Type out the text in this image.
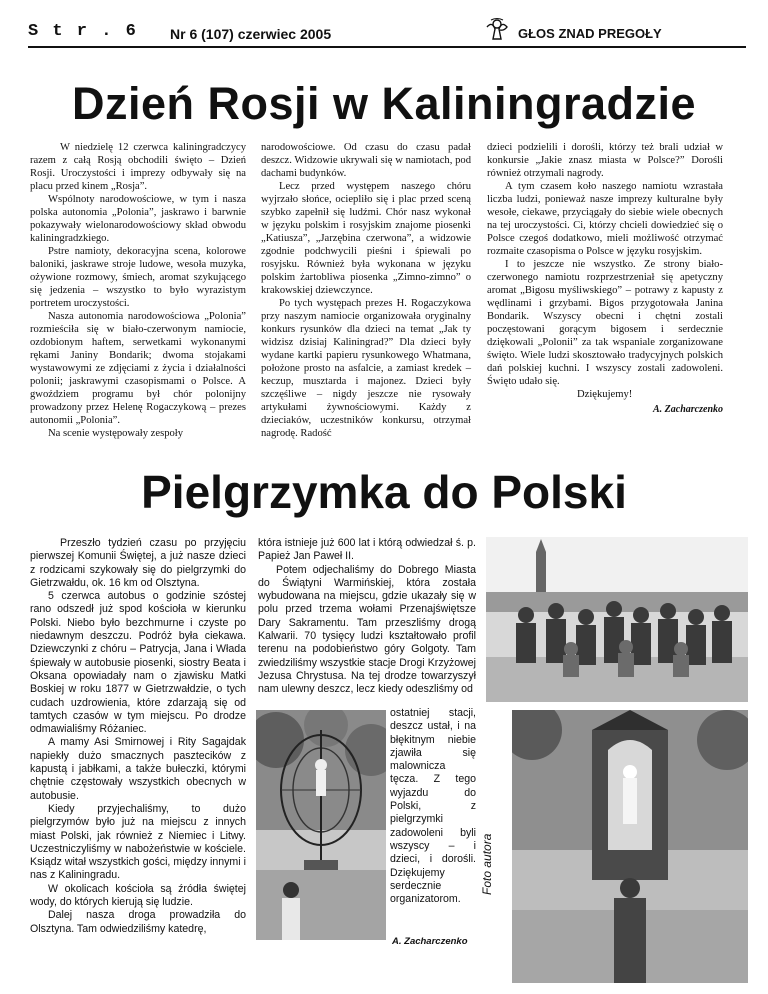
S t r . 6 Nr 6 (107) czerwiec 2005	GŁOS ZNAD PREGOŁY
Dzień Rosji w Kaliningradzie

W niedzielę 12 czerwca kaliningradczycy razem z całą Rosją obchodili święto – Dzień Rosji. Uroczystości i imprezy odbywały się na placu przed kinem „Rosja”.

Wspólnoty narodowościowe, w tym i nasza polska autonomia „Polonia”, jaskrawo i barwnie pokazywały wielonarodowościowy skład obwodu kaliningradzkiego.

Pstre namioty, dekoracyjna scena, kolorowe baloniki, jaskrawe stroje ludowe, wesoła muzyka, ożywione rozmowy, śmiech, aromat szykującego się jedzenia – wszystko to było wyrazistym portretem uroczystości.

Nasza autonomia narodowościowa „Polonia” rozmieściła się w biało-czerwonym namiocie, ozdobionym haftem, serwetkami wykonanymi rękami Janiny Bondarik; dwoma stojakami wystawowymi ze zdjęciami z życia i działalności polonii; jaskrawymi czasopismami o Polsce. A gwoździem programu był chór polonijny prowadzony przez Helenę Rogaczykową – prezes autonomii „Polonia”.

Na scenie występowały zespoły

narodowościowe. Od czasu do czasu padał deszcz. Widzowie ukrywali się w namiotach, pod dachami budynków.

Lecz przed występem naszego chóru wyjrzało słońce, ociepliło się i plac przed sceną szybko zapełnił się ludźmi. Chór nasz wykonał w języku polskim i rosyjskim znajome piosenki „Katiusza”, „Jarzębina czerwona”, a widzowie zgodnie podchwycili pieśni i śpiewali po rosyjsku. Również była wykonana w języku polskim żartobliwa piosenka „Zimno-zimno” o krakowskiej dziewczynce.

Po tych występach prezes H. Rogaczykowa przy naszym namiocie organizowała oryginalny konkurs rysunków dla dzieci na temat „Jak ty widzisz dzisiaj Kaliningrad?” Dla dzieci były wydane kartki papieru rysunkowego Whatmana, położone prosto na asfalcie, a zamiast kredek – keczup, musztarda i majonez. Dzieci były szczęśliwe – nigdy jeszcze nie rysowały artykułami żywnościowymi. Każdy z dzieciaków, uczestników konkursu, otrzymał nagrodę. Radość

dzieci podzielili i dorośli, którzy też brali udział w konkursie „Jakie znasz miasta w Polsce?” Dorośli również otrzymali nagrody.

A tym czasem koło naszego namiotu wzrastała liczba ludzi, ponieważ nasze imprezy kulturalne były wesołe, ciekawe, przyciągały do siebie wiele obecnych na tej uroczystości. Ci, którzy chcieli dowiedzieć się o Polsce czegoś dodatkowo, mieli możliwość otrzymać rozmaite czasopisma o Polsce w języku rosyjskim.

I to jeszcze nie wszystko. Ze strony biało-czerwonego namiotu rozprzestrzeniał się apetyczny aromat „Bigosu myśliwskiego” – potrawy z kapusty z wędlinami i grzybami. Bigos przygotowała Janina Bondarik. Wszyscy obecni i chętni zostali poczęstowani gorącym bigosem i serdecznie dziękowali „Polonii” za tak wspaniale zorganizowane święto. Wiele ludzi skosztowało tradycyjnych polskich dań polskiej kuchni. I wszyscy zostali zadowoleni. Święto udało się.

Dziękujemy!

A. Zacharczenko
Pielgrzymka do Polski

Przeszło tydzień czasu po przyjęciu pierwszej Komunii Świętej, a już nasze dzieci z rodzicami szykowały się do pielgrzymki do Gietrzwałdu, ok. 16 km od Olsztyna.

5 czerwca autobus o godzinie szóstej rano odszedł już spod kościoła w kierunku Polski. Niebo było bezchmurne i czyste po niedawnym deszczu. Podróż była ciekawa. Dziewczynki z chóru – Patrycja, Jana i Włada śpiewały w autobusie piosenki, siostry Beata i Oksana opowiadały nam o zjawisku Matki Boskiej w roku 1877 w Gietrzwałdzie, o tych cudach uzdrowienia, które zdarzają się od tamtych czasów w tym miejscu. Po drodze odmawialiśmy Różaniec.

A mamy Asi Smirnowej i Rity Sagajdak napiekły dużo smacznych pasztecików z kapustą i jabłkami, a także bułeczki, którymi chętnie częstowały wszystkich obecnych w autobusie.

Kiedy przyjechaliśmy, to dużo pielgrzymów było już na miejscu z innych miast Polski, jak również z Niemiec i Litwy. Uczestniczyliśmy w nabożeństwie w kościele. Ksiądz witał wszystkich gości, między innymi i nas z Kaliningradu.

W okolicach kościoła są źródła świętej wody, do których kierują się ludzie.

Dalej nasza droga prowadziła do Olsztyna. Tam odwiedziliśmy katedrę,

która istnieje już 600 lat i którą odwiedzał ś. p. Papież Jan Paweł II.

Potem odjechaliśmy do Dobrego Miasta do Świątyni Warmińskiej, która została wybudowana na miejscu, gdzie ukazały się w polu przed trzema wołami Przenajświętsze Dary Sakramentu. Tam przeszliśmy drogą Kalwarii. 70 tysięcy ludzi kształtowało profil terenu na podobieństwo góry Golgoty. Tam zwiedziliśmy wszystkie stacje Drogi Krzyżowej Jezusa Chrystusa. Na tej drodze towarzyszył nam ulewny deszcz, lecz kiedy odeszliśmy od

ostatniej stacji, deszcz ustał, i na błękitnym niebie zjawiła się malownicza tęcza. Z tego wyjazdu do Polski, z pielgrzymki zadowoleni byli wszyscy – i dzieci, i dorośli. Dziękujemy serdecznie organizatorom.

A. Zacharczenko
Foto autora
